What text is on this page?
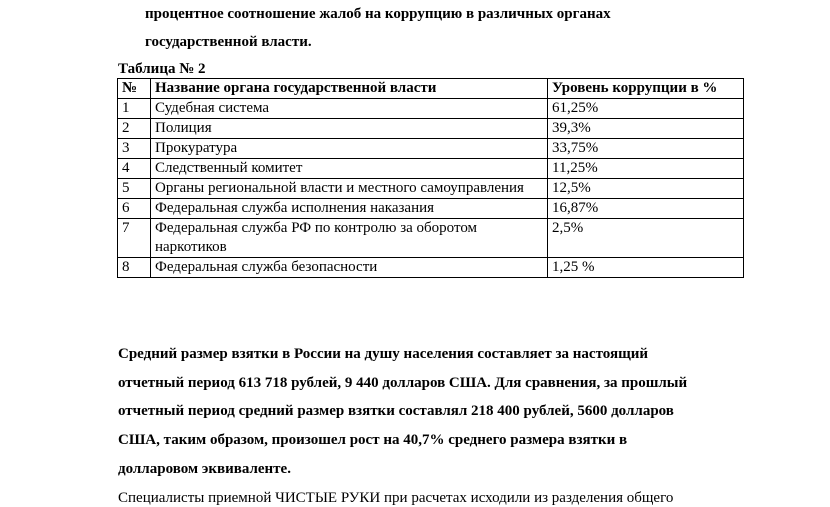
процентное соотношение жалоб на коррупцию в различных органах
государственной власти.
Таблица № 2
№	Название органа государственной власти	Уровень коррупции в %
1	Судебная система	61,25%
2	Полиция	39,3%
3	Прокуратура	33,75%
4	Следственный комитет	11,25%
5	Органы региональной власти и местного самоуправления	12,5%
6	Федеральная служба исполнения наказания	16,87%
7	Федеральная служба РФ по контролю за оборотом наркотиков	2,5%
8	Федеральная служба безопасности	1,25 %
Средний размер взятки в России на душу населения составляет за настоящий
отчетный период 613 718 рублей, 9 440 долларов США. Для сравнения, за прошлый
отчетный период средний размер взятки составлял 218 400 рублей, 5600 долларов
США, таким образом, произошел рост на 40,7% среднего размера взятки в
долларовом эквиваленте.
Специалисты приемной ЧИСТЫЕ РУКИ при расчетах исходили из разделения общего
